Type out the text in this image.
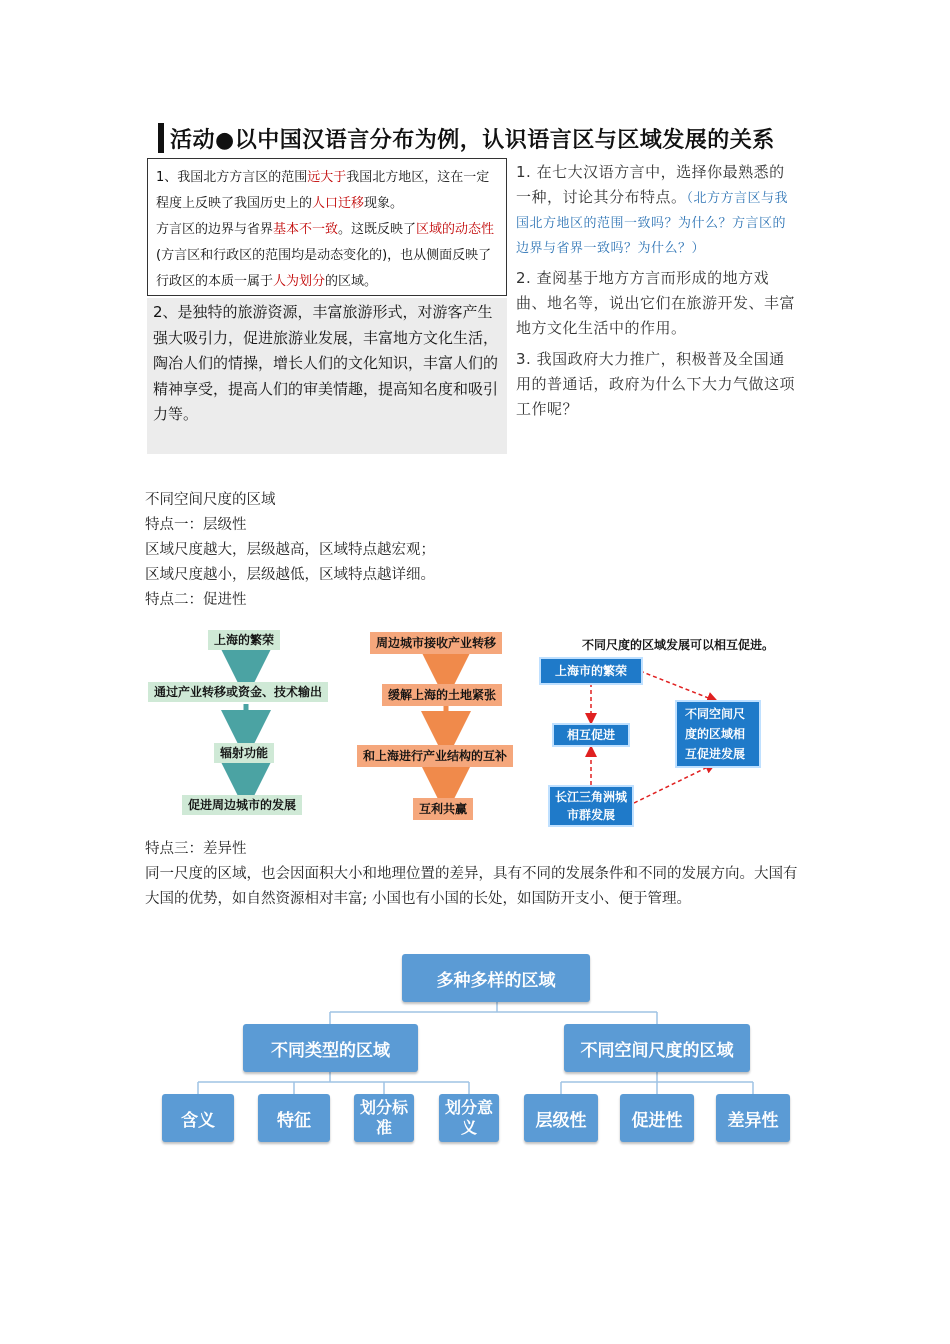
活动●以中国汉语言分布为例，认识语言区与区域发展的关系
1、我国北方方言区的范围远大于我国北方地区，这在一定程度上反映了我国历史上的人口迁移现象。
方言区的边界与省界基本不一致。这既反映了区域的动态性(方言区和行政区的范围均是动态变化的)，也从侧面反映了行政区的本质一属于人为划分的区域。
2、是独特的旅游资源，丰富旅游形式，对游客产生强大吸引力，促进旅游业发展，丰富地方文化生活，陶冶人们的情操，增长人们的文化知识，丰富人们的精神享受，提高人们的审美情趣，提高知名度和吸引力等。
1. 在七大汉语方言中，选择你最熟悉的一种，讨论其分布特点。（北方方言区与我国北方地区的范围一致吗？为什么？方言区的边界与省界一致吗？为什么？）
2. 查阅基于地方方言而形成的地方戏曲、地名等，说出它们在旅游开发、丰富地方文化生活中的作用。
3. 我国政府大力推广，积极普及全国通用的普通话，政府为什么下大力气做这项工作呢？
不同空间尺度的区域
特点一：层级性
区域尺度越大，层级越高，区域特点越宏观；
区域尺度越小，层级越低，区域特点越详细。
特点二：促进性
上海的繁荣
通过产业转移或资金、技术输出
辐射功能
促进周边城市的发展
周边城市接收产业转移
缓解上海的土地紧张
和上海进行产业结构的互补
互利共赢
不同尺度的区域发展可以相互促进。
上海市的繁荣
相互促进
长江三角洲城市群发展
不同空间尺度的区域相互促进发展
特点三：差异性
同一尺度的区域，也会因面积大小和地理位置的差异，具有不同的发展条件和不同的发展方向。大国有大国的优势，如自然资源相对丰富; 小国也有小国的长处，如国防开支小、便于管理。
多种多样的区域
不同类型的区域	不同空间尺度的区域
含义	特征
划分标准
划分意义	层级性	促进性	差异性
